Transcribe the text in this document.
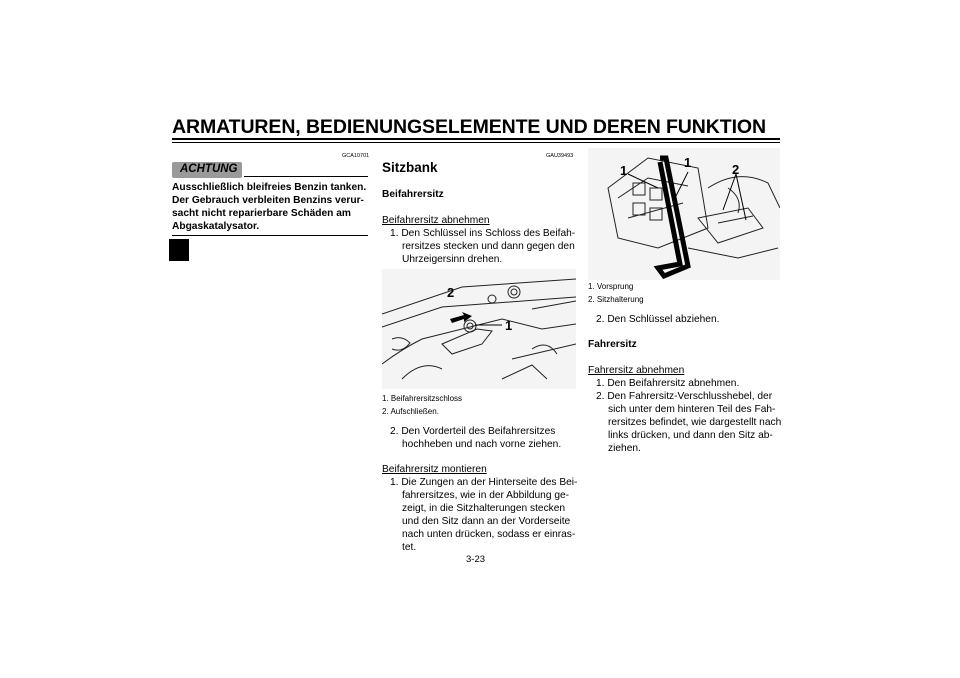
ARMATUREN, BEDIENUNGSELEMENTE UND DEREN FUNKTION
3
GCA10701
ACHTUNG
Ausschließlich bleifreies Benzin tanken.
Der Gebrauch verbleiten Benzins verur-
sacht nicht reparierbare Schäden am
Abgaskatalysator.
GAU39493
Sitzbank
Beifahrersitz
Beifahrersitz abnehmen
1. Den Schlüssel ins Schloss des Beifah-
rersitzes stecken und dann gegen den
Uhrzeigersinn drehen.
2
1
1. Beifahrersitzschloss
2. Aufschließen.
2. Den Vorderteil des Beifahrersitzes
hochheben und nach vorne ziehen.
Beifahrersitz montieren
1. Die Zungen an der Hinterseite des Bei-
fahrersitzes, wie in der Abbildung ge-
zeigt, in die Sitzhalterungen stecken
und den Sitz dann an der Vorderseite
nach unten drücken, sodass er einras-
tet.
1
1	2
1. Vorsprung
2. Sitzhalterung
2. Den Schlüssel abziehen.
Fahrersitz
Fahrersitz abnehmen
1. Den Beifahrersitz abnehmen.
2. Den Fahrersitz-Verschlusshebel, der
sich unter dem hinteren Teil des Fah-
rersitzes befindet, wie dargestellt nach
links drücken, und dann den Sitz ab-
ziehen.
3-23
